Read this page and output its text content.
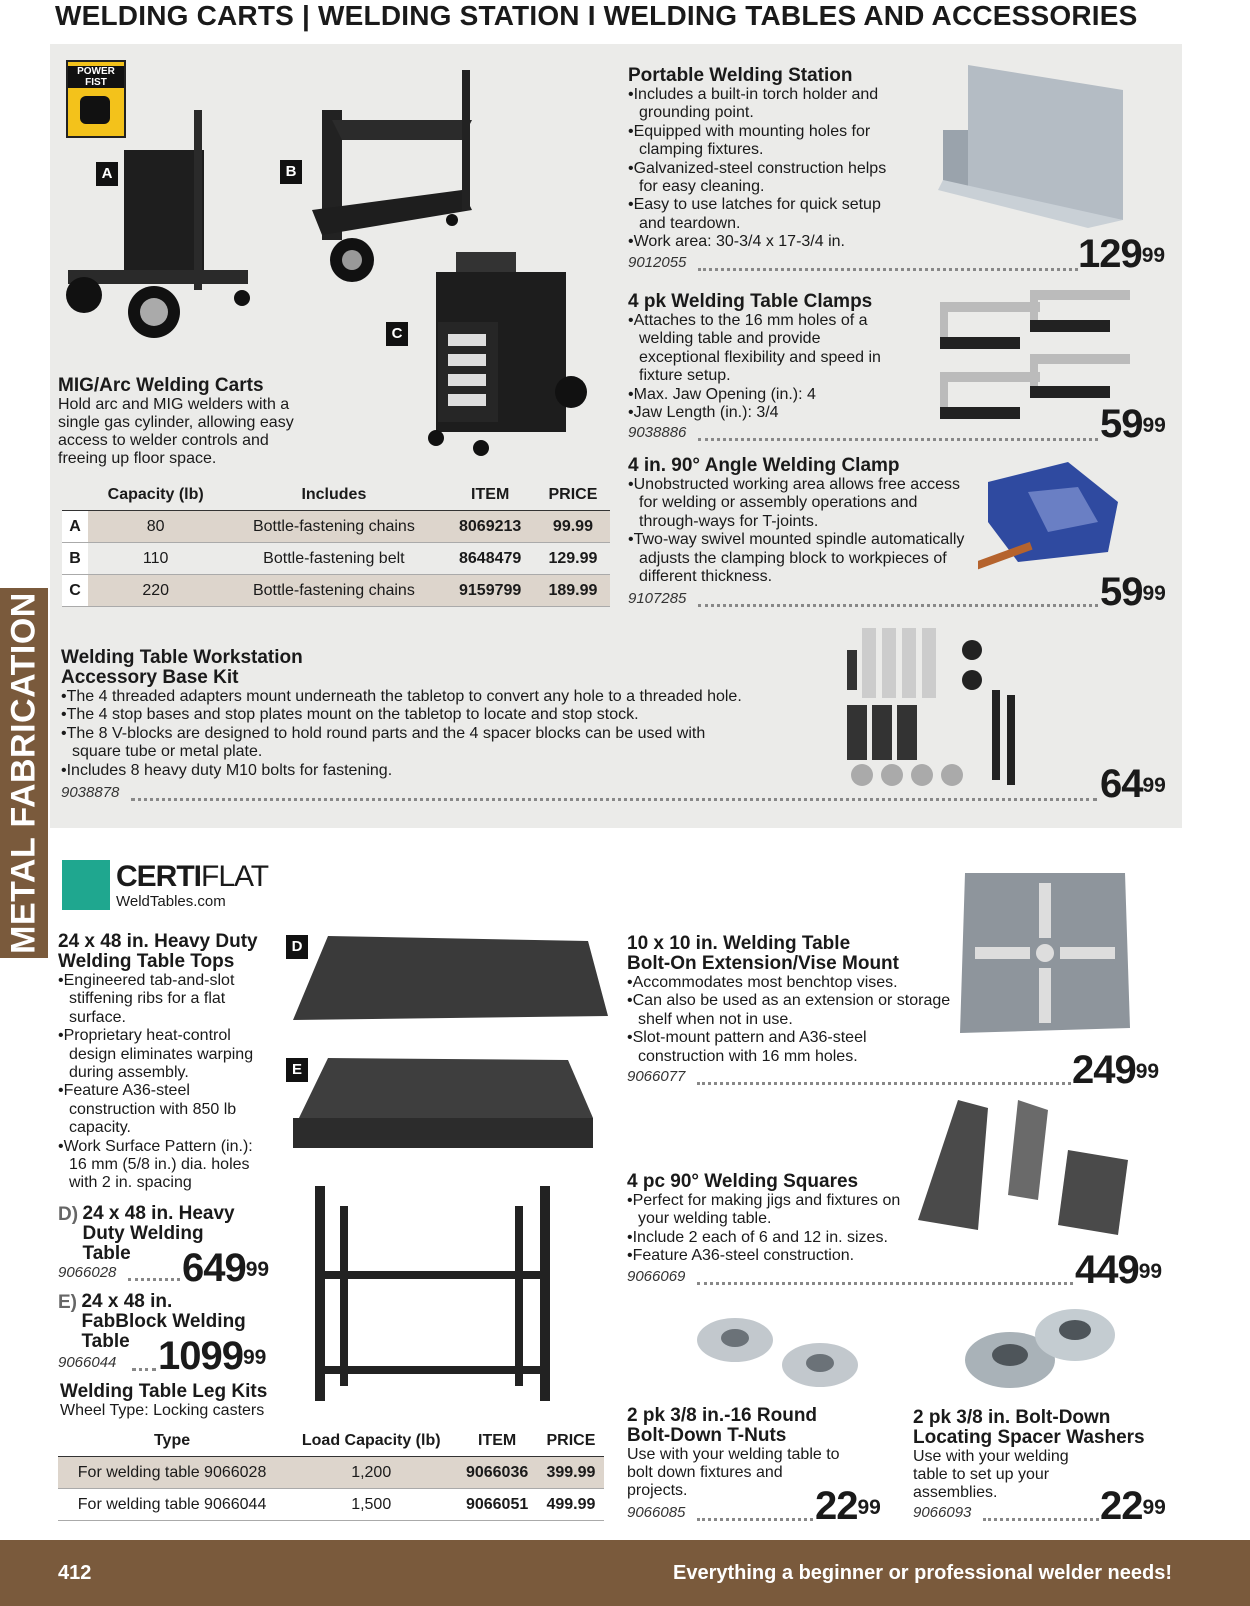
WELDING CARTS | WELDING STATION I WELDING TABLES AND ACCESSORIES
METAL FABRICATION
POWER FIST
A	B
C
MIG/Arc Welding Carts
Hold arc and MIG welders with a single gas cylinder, allowing easy access to welder controls and freeing up floor space.
	Capacity (lb)	Includes	ITEM	PRICE
A	80	Bottle-fastening chains	8069213	99.99
B	110	Bottle-fastening belt	8648479	129.99
C	220	Bottle-fastening chains	9159799	189.99
Portable Welding Station
• Includes a built-in torch holder and grounding point.
• Equipped with mounting holes for clamping fixtures.
• Galvanized-steel construction helps for easy cleaning.
• Easy to use latches for quick setup and teardown.
• Work area: 30-3/4 x 17-3/4 in.
9012055	$129^{99}$
4 pk Welding Table Clamps
• Attaches to the 16 mm holes of a welding table and provide exceptional flexibility and speed in fixture setup.
• Max. Jaw Opening (in.): 4
• Jaw Length (in.): 3/4
9038886	$59^{99}$
4 in. 90° Angle Welding Clamp
• Unobstructed working area allows free access for welding or assembly operations and through-ways for T-joints.
• Two-way swivel mounted spindle automatically adjusts the clamping block to workpieces of different thickness.
9107285	$59^{99}$
Welding Table Workstation
Accessory Base Kit
• The 4 threaded adapters mount underneath the tabletop to convert any hole to a threaded hole.
• The 4 stop bases and stop plates mount on the tabletop to locate and stop stock.
• The 8 V-blocks are designed to hold round parts and the 4 spacer blocks can be used with square tube or metal plate.
• Includes 8 heavy duty M10 bolts for fastening.
9038878	$64^{99}$
CERTIFLAT
WeldTables.com
24 x 48 in. Heavy Duty
Welding Table Tops
• Engineered tab-and-slot stiffening ribs for a flat surface.
• Proprietary heat-control design eliminates warping during assembly.
• Feature A36-steel construction with 850 lb capacity.
• Work Surface Pattern (in.): 16 mm (5/8 in.) dia. holes with 2 in. spacing
D
E
D) 24 x 48 in. Heavy Duty Welding Table
9066028 $649^{99}$
E) 24 x 48 in. FabBlock Welding Table
9066044 1099$^{99}$
Welding Table Leg Kits
Wheel Type: Locking casters
Type	Load Capacity (lb)	ITEM	PRICE
For welding table 9066028	1,200	9066036	399.99
For welding table 9066044	1,500	9066051	499.99
10 x 10 in. Welding Table
Bolt-On Extension/Vise Mount
• Accommodates most benchtop vises.
• Can also be used as an extension or storage shelf when not in use.
• Slot-mount pattern and A36-steel construction with 16 mm holes.
9066077	$249^{99}$
4 pc 90° Welding Squares
• Perfect for making jigs and fixtures on your welding table.
• Include 2 each of 6 and 12 in. sizes.
• Feature A36-steel construction.
9066069	$449^{99}$
2 pk 3/8 in.-16 Round
Bolt-Down T-Nuts
Use with your welding table to bolt down fixtures and projects.
9066085	$22^{99}$
2 pk 3/8 in. Bolt-Down
Locating Spacer Washers
Use with your welding table to set up your assemblies.
9066093	$22^{99}$
412	Everything a beginner or professional welder needs!
